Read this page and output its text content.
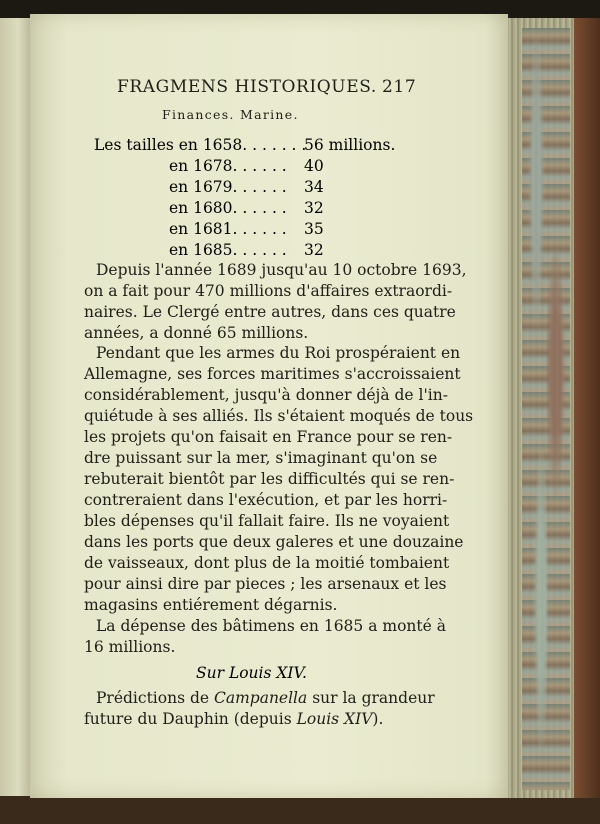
FRAGMENS HISTORIQUES. 217
Finances. Marine.
Les tailles en 1658. . . . . . .
56 millions.
en 1678. . . . . . 40
en 1679. . . . . . 34
en 1680. . . . . . 32
en 1681. . . . . . 35
en 1685. . . . . . 32
Depuis l'année 1689 jusqu'au 10 octobre 1693,
on a fait pour 470 millions d'affaires extraordi-
naires. Le Clergé entre autres, dans ces quatre
années, a donné 65 millions.
Pendant que les armes du Roi prospéraient en
Allemagne, ses forces maritimes s'accroissaient
considérablement, jusqu'à donner déjà de l'in-
quiétude à ses alliés. Ils s'étaient moqués de tous
les projets qu'on faisait en France pour se ren-
dre puissant sur la mer, s'imaginant qu'on se
rebuterait bientôt par les difficultés qui se ren-
contreraient dans l'exécution, et par les horri-
bles dépenses qu'il fallait faire. Ils ne voyaient
dans les ports que deux galeres et une douzaine
de vaisseaux, dont plus de la moitié tombaient
pour ainsi dire par pieces ; les arsenaux et les
magasins entiérement dégarnis.
La dépense des bâtimens en 1685 a monté à
16 millions.
Sur Louis XIV.
Prédictions de Campanella sur la grandeur
future du Dauphin (depuis Louis XIV).
